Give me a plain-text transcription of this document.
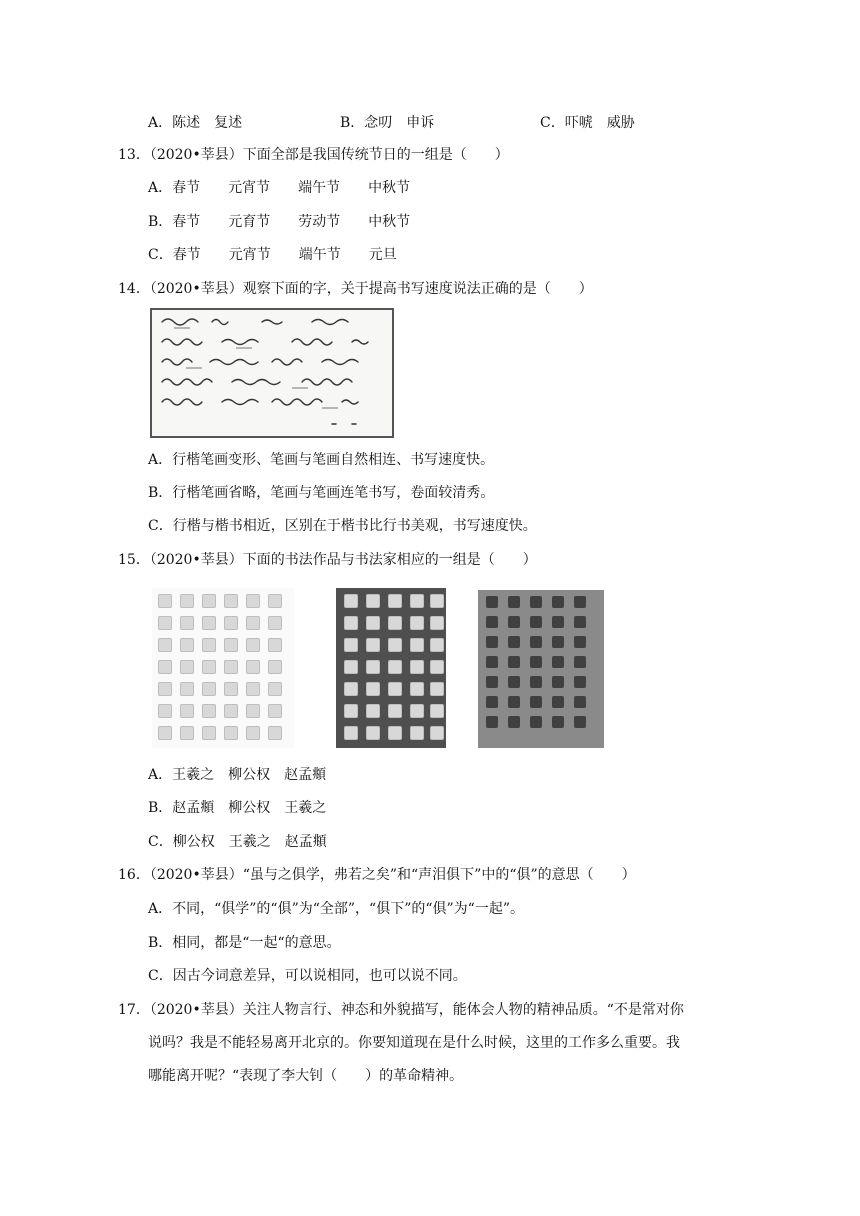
A．陈述　复述	B．念叨　申诉	C．吓唬　威胁
13．（2020•莘县）下面全部是我国传统节日的一组是（　　）
A．春节　　元宵节　　端午节　　中秋节
B．春节　　元育节　　劳动节　　中秋节
C．春节　　元宵节　　端午节　　元旦
14．（2020•莘县）观察下面的字，关于提高书写速度说法正确的是（　　）
A．行楷笔画变形、笔画与笔画自然相连、书写速度快。
B．行楷笔画省略，笔画与笔画连笔书写，卷面较清秀。
C．行楷与楷书相近，区别在于楷书比行书美观，书写速度快。
15．（2020•莘县）下面的书法作品与书法家相应的一组是（　　）
A．王羲之　柳公权　赵孟頫
B．赵孟頫　柳公权　王羲之
C．柳公权　王羲之　赵孟頫
16．（2020•莘县）“虽与之俱学，弗若之矣”和“声泪俱下”中的“俱”的意思（　　）
A．不同，“俱学”的“俱”为“全部”，“俱下”的“俱”为“一起”。
B．相同，都是“一起“的意思。
C．因古今词意差异，可以说相同，也可以说不同。
17．（2020•莘县）关注人物言行、神态和外貌描写，能体会人物的精神品质。“不是常对你
说吗？我是不能轻易离开北京的。你要知道现在是什么时候，这里的工作多么重要。我
哪能离开呢？“表现了李大钊（　　）的革命精神。
